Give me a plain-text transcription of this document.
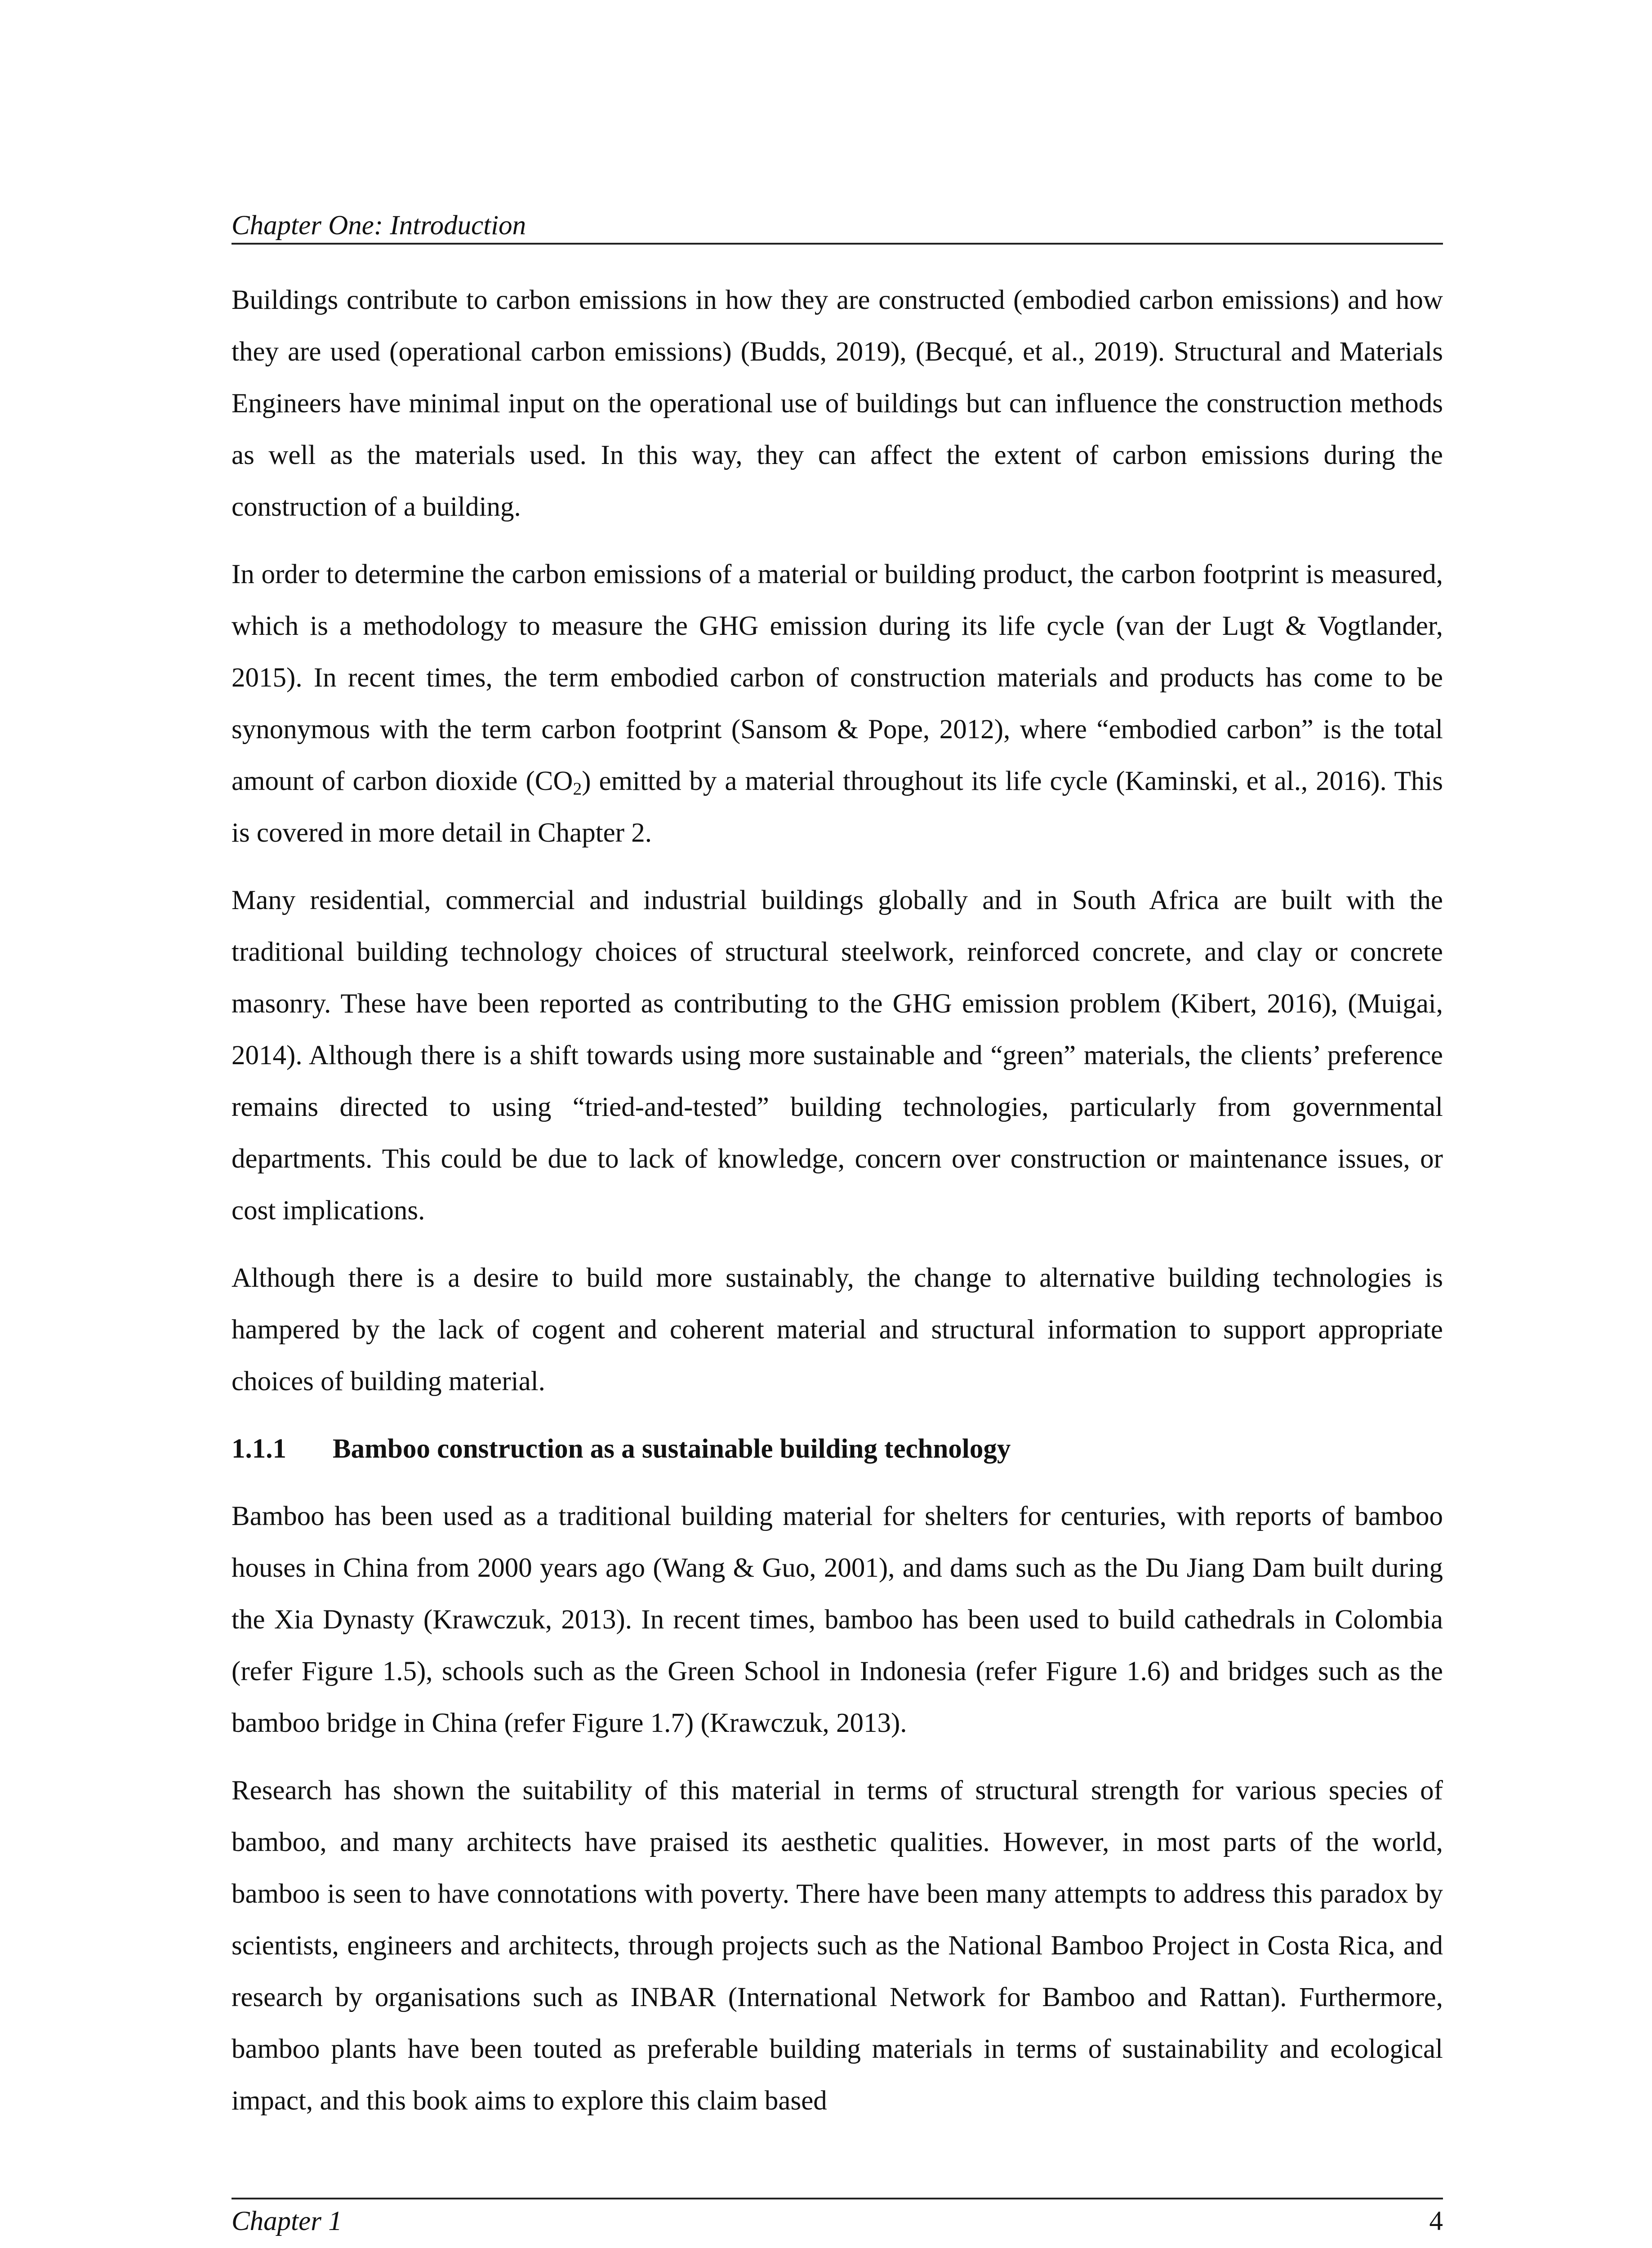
Chapter One: Introduction

Buildings contribute to carbon emissions in how they are constructed (embodied carbon emissions) and how they are used (operational carbon emissions) (Budds, 2019), (Becqué, et al., 2019). Structural and Materials Engineers have minimal input on the operational use of buildings but can influence the construction methods as well as the materials used. In this way, they can affect the extent of carbon emissions during the construction of a building.

In order to determine the carbon emissions of a material or building product, the carbon footprint is measured, which is a methodology to measure the GHG emission during its life cycle (van der Lugt & Vogtlander, 2015). In recent times, the term embodied carbon of construction materials and products has come to be synonymous with the term carbon footprint (Sansom & Pope, 2012), where “embodied carbon” is the total amount of carbon dioxide $(CO_2)$ emitted by a material throughout its life cycle (Kaminski, et al., 2016). This is covered in more detail in Chapter 2.

Many residential, commercial and industrial buildings globally and in South Africa are built with the traditional building technology choices of structural steelwork, reinforced concrete, and clay or concrete masonry. These have been reported as contributing to the GHG emission problem (Kibert, 2016), (Muigai, 2014). Although there is a shift towards using more sustainable and “green” materials, the clients’ preference remains directed to using “tried-and-tested” building technologies, particularly from governmental departments. This could be due to lack of knowledge, concern over construction or maintenance issues, or cost implications.

Although there is a desire to build more sustainably, the change to alternative building technologies is hampered by the lack of cogent and coherent material and structural information to support appropriate choices of building material.

1.1.1	Bamboo construction as a sustainable building technology

Bamboo has been used as a traditional building material for shelters for centuries, with reports of bamboo houses in China from 2000 years ago (Wang & Guo, 2001), and dams such as the Du Jiang Dam built during the Xia Dynasty (Krawczuk, 2013). In recent times, bamboo has been used to build cathedrals in Colombia (refer Figure 1.5), schools such as the Green School in Indonesia (refer Figure 1.6) and bridges such as the bamboo bridge in China (refer Figure 1.7) (Krawczuk, 2013).

Research has shown the suitability of this material in terms of structural strength for various species of bamboo, and many architects have praised its aesthetic qualities. However, in most parts of the world, bamboo is seen to have connotations with poverty. There have been many attempts to address this paradox by scientists, engineers and architects, through projects such as the National Bamboo Project in Costa Rica, and research by organisations such as INBAR (International Network for Bamboo and Rattan). Furthermore, bamboo plants have been touted as preferable building materials in terms of sustainability and ecological impact, and this book aims to explore this claim based

Chapter 1	4
